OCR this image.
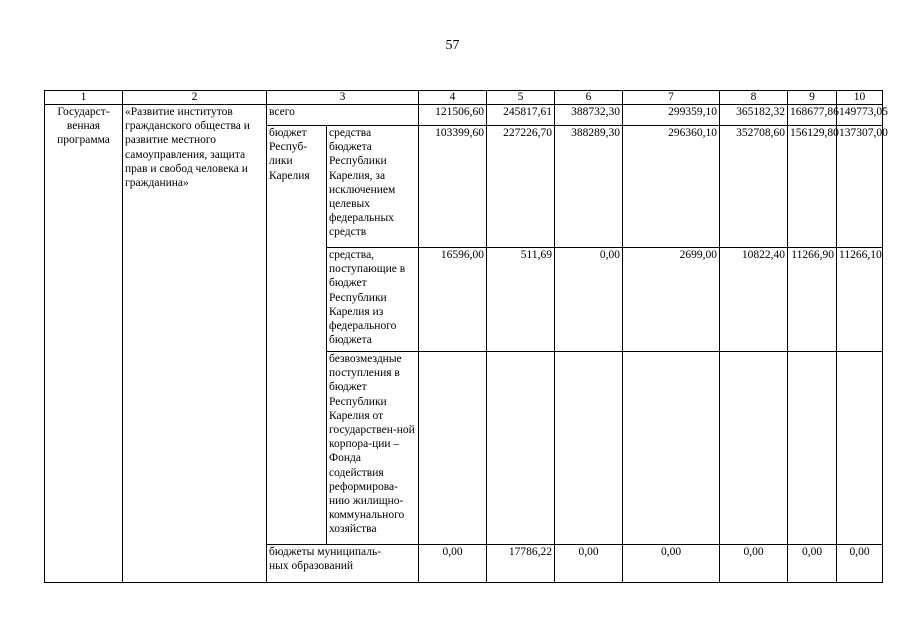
57
1	2	3		4	5	6	7	8	9	10
Государст-венная программа	«Развитие институтов гражданского общества и развитие местного самоуправления, защита прав и свобод человека и гражданина»	всего		121506,60	245817,61	388732,30	299359,10	365182,32	168677,86	149773,05
		бюджет Респуб-лики Карелия	средства бюджета Республики Карелия, за исключением целевых федеральных средств	103399,60	227226,70	388289,30	296360,10	352708,60	156129,80	137307,00
			средства, поступающие в бюджет Республики Карелия из федерального бюджета	16596,00	511,69	0,00	2699,00	10822,40	11266,90	11266,10
			безвозмездные поступления в бюджет Республики Карелия от государствен-ной корпора-ции – Фонда содействия реформирова-нию жилищно-коммунального хозяйства							
		бюджеты муниципаль-ных образований		0,00	17786,22	0,00	0,00	0,00	0,00	0,00
